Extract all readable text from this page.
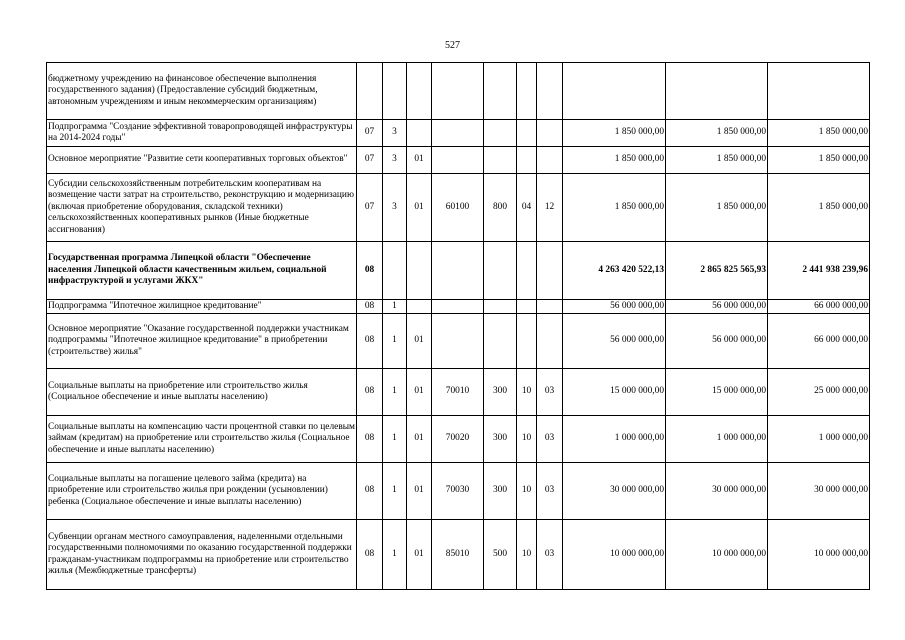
527
бюджетному учреждению на финансовое обеспечение выполнения государственного задания) (Предоставление субсидий бюджетным, автономным учреждениям и иным некоммерческим организациям)										
Подпрограмма "Создание эффективной товаропроводящей инфраструктуры на 2014-2024 годы"	07	3						1 850 000,00	1 850 000,00	1 850 000,00
Основное мероприятие "Развитие сети кооперативных торговых объектов"	07	3	01					1 850 000,00	1 850 000,00	1 850 000,00
Субсидии сельскохозяйственным потребительским кооперативам на возмещение части затрат на строительство, реконструкцию и модернизацию (включая приобретение оборудования, складской техники) сельскохозяйственных кооперативных рынков (Иные бюджетные ассигнования)	07	3	01	60100	800	04	12	1 850 000,00	1 850 000,00	1 850 000,00
Государственная программа Липецкой области "Обеспечение населения Липецкой области качественным жильем, социальной инфраструктурой и услугами ЖКХ"	08							4 263 420 522,13	2 865 825 565,93	2 441 938 239,96
Подпрограмма "Ипотечное жилищное кредитование"	08	1						56 000 000,00	56 000 000,00	66 000 000,00
Основное мероприятие "Оказание государственной поддержки участникам подпрограммы "Ипотечное жилищное кредитование" в приобретении (строительстве) жилья"	08	1	01					56 000 000,00	56 000 000,00	66 000 000,00
Социальные выплаты на приобретение или строительство жилья (Социальное обеспечение и иные выплаты населению)	08	1	01	70010	300	10	03	15 000 000,00	15 000 000,00	25 000 000,00
Социальные выплаты на компенсацию части процентной ставки по целевым займам (кредитам) на приобретение или строительство жилья (Социальное обеспечение и иные выплаты населению)	08	1	01	70020	300	10	03	1 000 000,00	1 000 000,00	1 000 000,00
Социальные выплаты на погашение целевого займа (кредита) на приобретение или строительство жилья при рождении (усыновлении) ребенка (Социальное обеспечение и иные выплаты населению)	08	1	01	70030	300	10	03	30 000 000,00	30 000 000,00	30 000 000,00
Субвенции органам местного самоуправления, наделенными отдельными государственными полномочиями по оказанию государственной поддержки гражданам-участникам подпрограммы на приобретение или строительство жилья (Межбюджетные трансферты)	08	1	01	85010	500	10	03	10 000 000,00	10 000 000,00	10 000 000,00
